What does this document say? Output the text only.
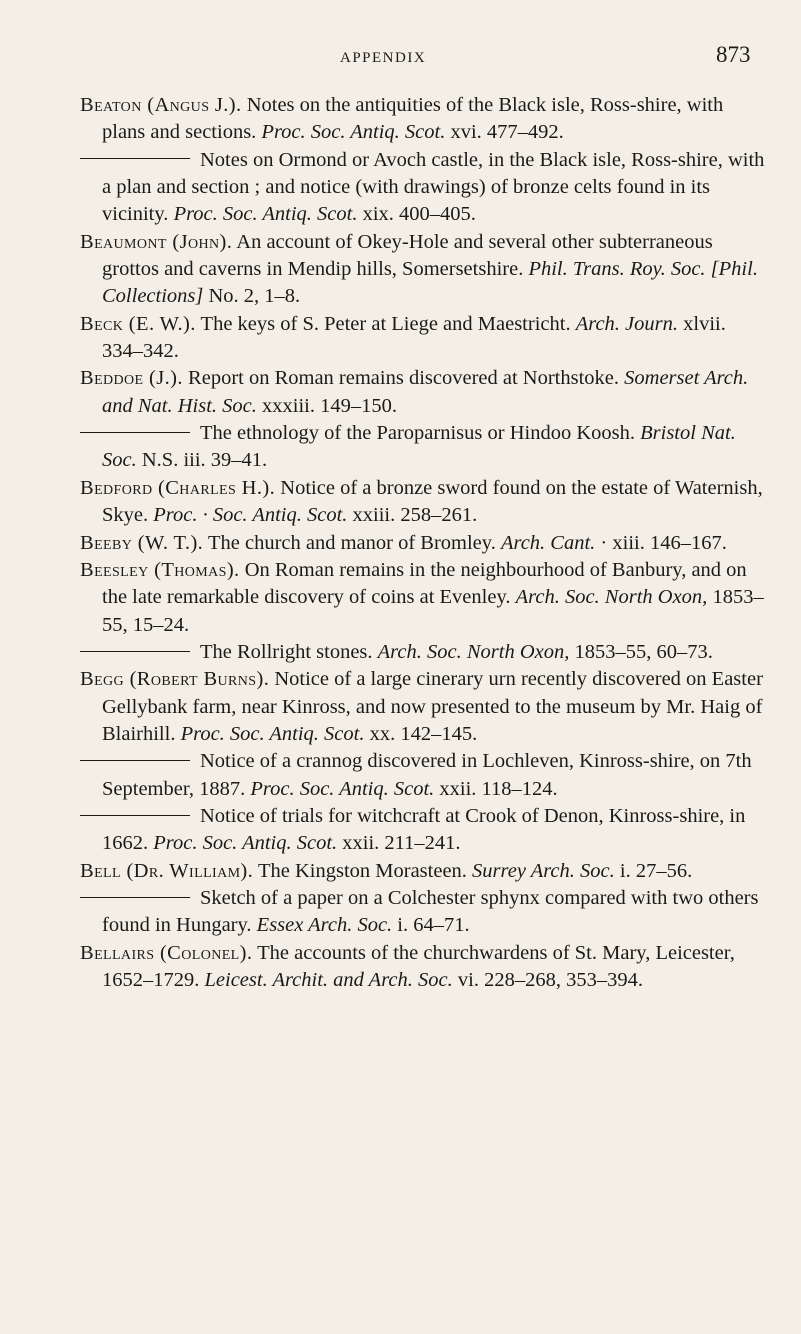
APPENDIX	873

Beaton (Angus J.). Notes on the antiquities of the Black isle, Ross-shire, with plans and sections. Proc. Soc. Antiq. Scot. xvi. 477–492.

Notes on Ormond or Avoch castle, in the Black isle, Ross-shire, with a plan and section ; and notice (with drawings) of bronze celts found in its vicinity. Proc. Soc. Antiq. Scot. xix. 400–405.

Beaumont (John). An account of Okey-Hole and several other subterraneous grottos and caverns in Mendip hills, Somersetshire. Phil. Trans. Roy. Soc. [Phil. Collections] No. 2, 1–8.

Beck (E. W.). The keys of S. Peter at Liege and Maestricht. Arch. Journ. xlvii. 334–342.

Beddoe (J.). Report on Roman remains discovered at Northstoke. Somerset Arch. and Nat. Hist. Soc. xxxiii. 149–150.

The ethnology of the Paroparnisus or Hindoo Koosh. Bristol Nat. Soc. N.S. iii. 39–41.

Bedford (Charles H.). Notice of a bronze sword found on the estate of Waternish, Skye. Proc. · Soc. Antiq. Scot. xxiii. 258–261.

Beeby (W. T.). The church and manor of Bromley. Arch. Cant. · xiii. 146–167.

Beesley (Thomas). On Roman remains in the neighbourhood of Banbury, and on the late remarkable discovery of coins at Evenley. Arch. Soc. North Oxon, 1853–55, 15–24.

The Rollright stones. Arch. Soc. North Oxon, 1853–55, 60–73.

Begg (Robert Burns). Notice of a large cinerary urn recently discovered on Easter Gellybank farm, near Kinross, and now presented to the museum by Mr. Haig of Blairhill. Proc. Soc. Antiq. Scot. xx. 142–145.

Notice of a crannog discovered in Lochleven, Kinross-shire, on 7th September, 1887. Proc. Soc. Antiq. Scot. xxii. 118–124.

Notice of trials for witchcraft at Crook of Denon, Kinross-shire, in 1662. Proc. Soc. Antiq. Scot. xxii. 211–241.

Bell (Dr. William). The Kingston Morasteen. Surrey Arch. Soc. i. 27–56.

Sketch of a paper on a Colchester sphynx compared with two others found in Hungary. Essex Arch. Soc. i. 64–71.

Bellairs (Colonel). The accounts of the churchwardens of St. Mary, Leicester, 1652–1729. Leicest. Archit. and Arch. Soc. vi. 228–268, 353–394.
